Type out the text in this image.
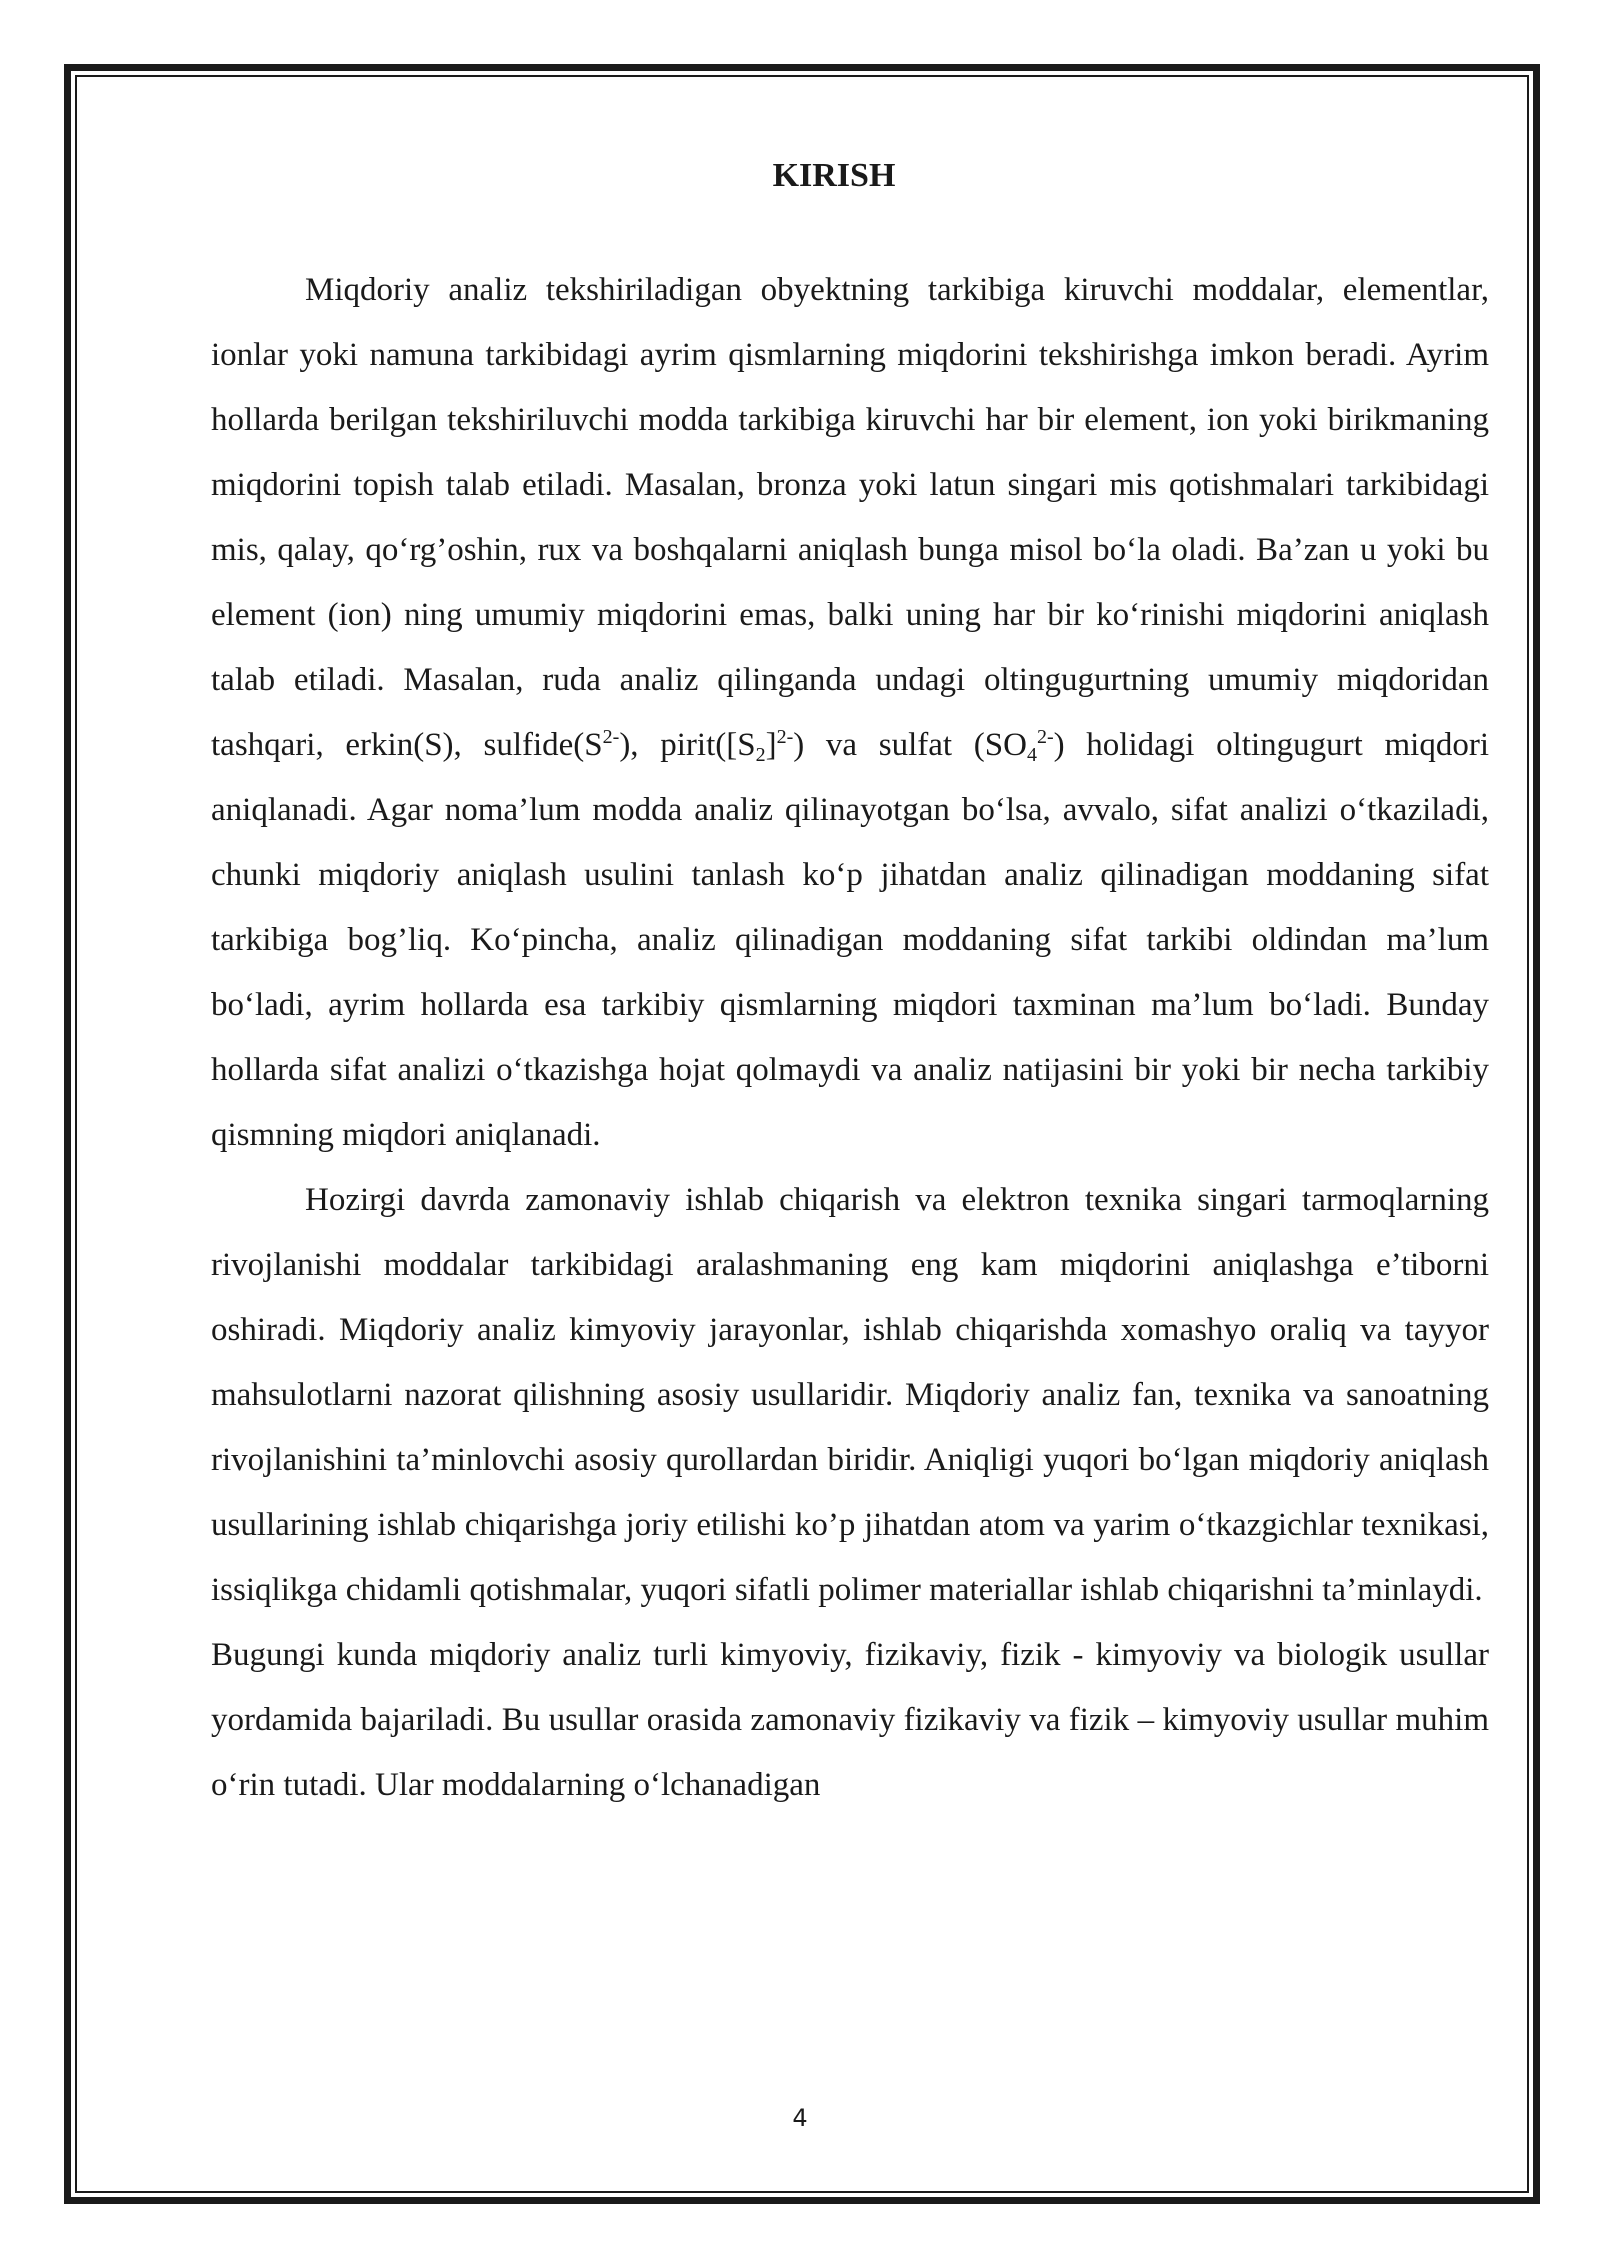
KIRISH

Miqdoriy analiz tekshiriladigan obyektning tarkibiga kiruvchi moddalar, elementlar, ionlar yoki namuna tarkibidagi ayrim qismlarning miqdorini tekshirishga imkon beradi. Ayrim hollarda berilgan tekshiriluvchi modda tarkibiga kiruvchi har bir element, ion yoki birikmaning miqdorini topish talab etiladi. Masalan, bronza yoki latun singari mis qotishmalari tarkibidagi mis, qalay, qo‘rg’oshin, rux va boshqalarni aniqlash bunga misol bo‘la oladi. Ba’zan u yoki bu element (ion) ning umumiy miqdorini emas, balki uning har bir ko‘rinishi miqdorini aniqlash talab etiladi. Masalan, ruda analiz qilinganda undagi oltingugurtning umumiy miqdoridan tashqari, erkin(S), $sulfide(S^{2-})$, $pirit([S_2]^{2-})$ va sulfat $(SO_4^{2-})$ holidagi oltingugurt miqdori aniqlanadi. Agar noma’lum modda analiz qilinayotgan bo‘lsa, avvalo, sifat analizi o‘tkaziladi, chunki miqdoriy aniqlash usulini tanlash ko‘p jihatdan analiz qilinadigan moddaning sifat tarkibiga bog’liq. Ko‘pincha, analiz qilinadigan moddaning sifat tarkibi oldindan ma’lum bo‘ladi, ayrim hollarda esa tarkibiy qismlarning miqdori taxminan ma’lum bo‘ladi. Bunday hollarda sifat analizi o‘tkazishga hojat qolmaydi va analiz natijasini bir yoki bir necha tarkibiy qismning miqdori aniqlanadi.

Hozirgi davrda zamonaviy ishlab chiqarish va elektron texnika singari tarmoqlarning rivojlanishi moddalar tarkibidagi aralashmaning eng kam miqdorini aniqlashga e’tiborni oshiradi. Miqdoriy analiz kimyoviy jarayonlar, ishlab chiqarishda xomashyo oraliq va tayyor mahsulotlarni nazorat qilishning asosiy usullaridir. Miqdoriy analiz fan, texnika va sanoatning rivojlanishini ta’minlovchi asosiy qurollardan biridir. Aniqligi yuqori bo‘lgan miqdoriy aniqlash usullarining ishlab chiqarishga joriy etilishi ko’p jihatdan atom va yarim o‘tkazgichlar texnikasi, issiqlikga chidamli qotishmalar, yuqori sifatli polimer materiallar ishlab chiqarishni ta’minlaydi.

Bugungi kunda miqdoriy analiz turli kimyoviy, fizikaviy, fizik - kimyoviy va biologik usullar yordamida bajariladi. Bu usullar orasida zamonaviy fizikaviy va fizik – kimyoviy usullar muhim o‘rin tutadi. Ular moddalarning o‘lchanadigan

4
